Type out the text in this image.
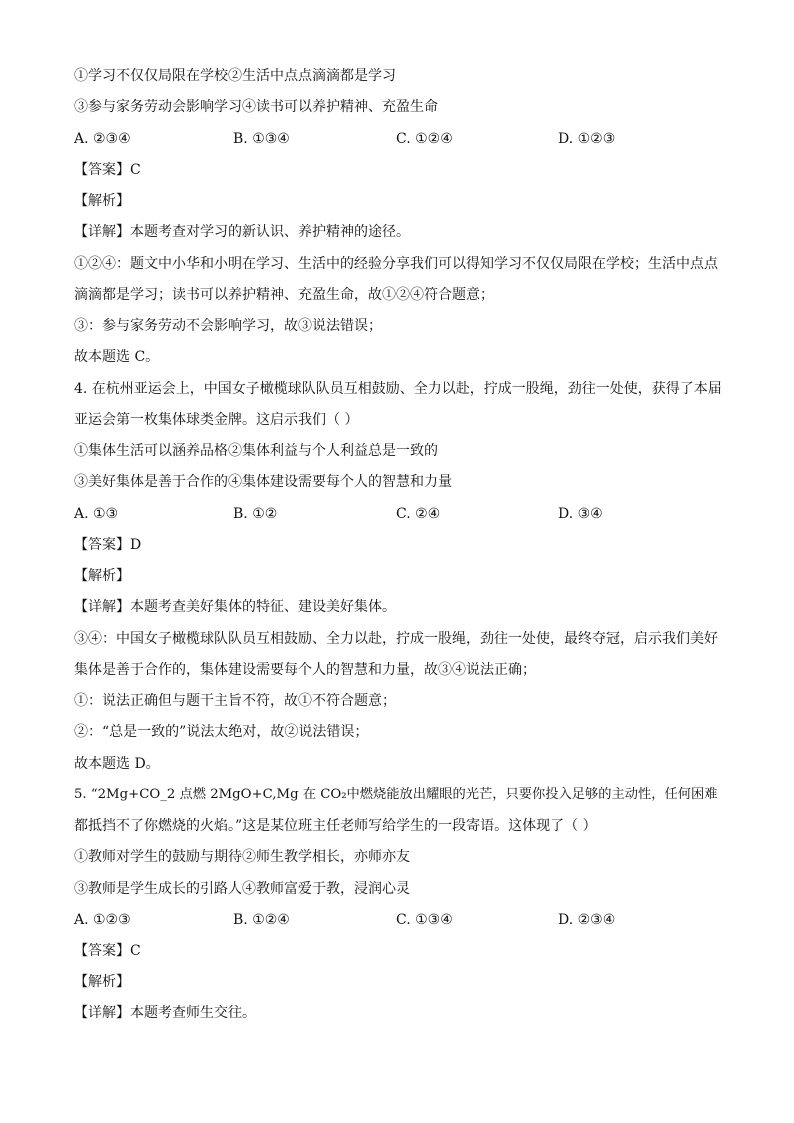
①学习不仅仅局限在学校②生活中点点滴滴都是学习
③参与家务劳动会影响学习④读书可以养护精神、充盈生命
A. ②③④	B. ①③④	C. ①②④	D. ①②③
【答案】C
【解析】
【详解】本题考查对学习的新认识、养护精神的途径。
①②④：题文中小华和小明在学习、生活中的经验分享我们可以得知学习不仅仅局限在学校；生活中点点
滴滴都是学习；读书可以养护精神、充盈生命，故①②④符合题意；
③：参与家务劳动不会影响学习，故③说法错误；
故本题选 C。
4. 在杭州亚运会上，中国女子橄榄球队队员互相鼓励、全力以赴，拧成一股绳，劲往一处使，获得了本届
亚运会第一枚集体球类金牌。这启示我们（ ）
①集体生活可以涵养品格②集体利益与个人利益总是一致的
③美好集体是善于合作的④集体建设需要每个人的智慧和力量
A. ①③	B. ①②	C. ②④	D. ③④
【答案】D
【解析】
【详解】本题考查美好集体的特征、建设美好集体。
③④：中国女子橄榄球队队员互相鼓励、全力以赴，拧成一股绳，劲往一处使，最终夺冠，启示我们美好
集体是善于合作的，集体建设需要每个人的智慧和力量，故③④说法正确；
①：说法正确但与题干主旨不符，故①不符合题意；
②：“总是一致的”说法太绝对，故②说法错误；
故本题选 D。
5. “2Mg+CO_2 点燃 2MgO+C,Mg 在 CO₂中燃烧能放出耀眼的光芒，只要你投入足够的主动性，任何困难
都抵挡不了你燃烧的火焰。”这是某位班主任老师写给学生的一段寄语。这体现了（ ）
①教师对学生的鼓励与期待②师生教学相长，亦师亦友
③教师是学生成长的引路人④教师富爱于教，浸润心灵
A. ①②③	B. ①②④	C. ①③④	D. ②③④
【答案】C
【解析】
【详解】本题考查师生交往。
